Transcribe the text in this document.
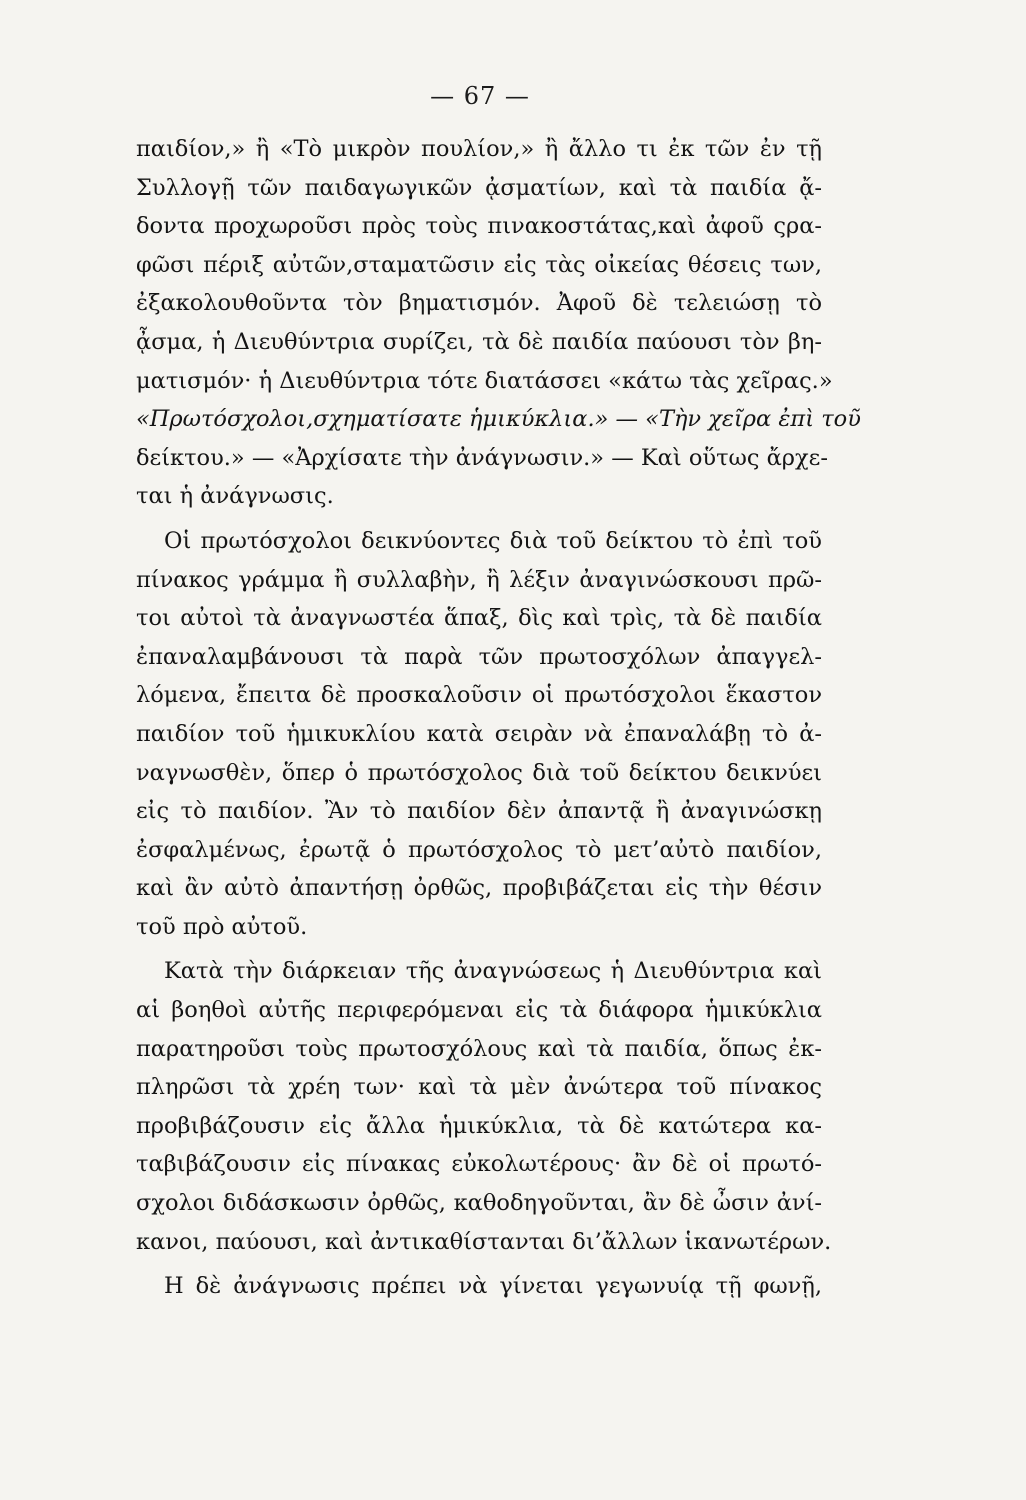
— 67 —
παιδίον,» ἢ «Τὸ μικρὸν πουλίον,» ἢ ἄλλο τι ἐκ τῶν ἐν τῇ
Συλλογῇ τῶν παιδαγωγικῶν ᾀσματίων, καὶ τὰ παιδία ᾄ-
δοντα προχωροῦσι πρὸς τοὺς πινακοστάτας,καὶ ἀφοῦ ςρα-
φῶσι πέριξ αὐτῶν,σταματῶσιν εἰς τὰς οἰκείας θέσεις των,
ἐξακολουθοῦντα τὸν βηματισμόν. Ἀφοῦ δὲ τελειώσῃ τὸ
ᾆσμα, ἡ Διευθύντρια συρίζει, τὰ δὲ παιδία παύουσι τὸν βη-
ματισμόν· ἡ Διευθύντρια τότε διατάσσει «κάτω τὰς χεῖρας.»
«Πρωτόσχολοι,σχηματίσατε ἡμικύκλια.» — «Τὴν χεῖρα ἐπὶ τοῦ
δείκτου.» — «Ἀρχίσατε τὴν ἀνάγνωσιν.» — Καὶ οὕτως ἄρχε-
ται ἡ ἀνάγνωσις.
Οἱ πρωτόσχολοι δεικνύοντες διὰ τοῦ δείκτου τὸ ἐπὶ τοῦ
πίνακος γράμμα ἢ συλλαβὴν, ἢ λέξιν ἀναγινώσκουσι πρῶ-
τοι αὐτοὶ τὰ ἀναγνωστέα ἅπαξ, δὶς καὶ τρὶς, τὰ δὲ παιδία
ἐπαναλαμβάνουσι τὰ παρὰ τῶν πρωτοσχόλων ἀπαγγελ-
λόμενα, ἔπειτα δὲ προσκαλοῦσιν οἱ πρωτόσχολοι ἕκαστον
παιδίον τοῦ ἡμικυκλίου κατὰ σειρὰν νὰ ἐπαναλάβῃ τὸ ἀ-
ναγνωσθὲν, ὅπερ ὁ πρωτόσχολος διὰ τοῦ δείκτου δεικνύει
εἰς τὸ παιδίον. Ἂν τὸ παιδίον δὲν ἀπαντᾷ ἢ ἀναγινώσκῃ
ἐσφαλμένως, ἐρωτᾷ ὁ πρωτόσχολος τὸ μετ’αὐτὸ παιδίον,
καὶ ἂν αὐτὸ ἀπαντήσῃ ὀρθῶς, προβιβάζεται εἰς τὴν θέσιν
τοῦ πρὸ αὐτοῦ.
Κατὰ τὴν διάρκειαν τῆς ἀναγνώσεως ἡ Διευθύντρια καὶ
αἱ βοηθοὶ αὐτῆς περιφερόμεναι εἰς τὰ διάφορα ἡμικύκλια
παρατηροῦσι τοὺς πρωτοσχόλους καὶ τὰ παιδία, ὅπως ἐκ-
πληρῶσι τὰ χρέη των· καὶ τὰ μὲν ἀνώτερα τοῦ πίνακος
προβιβάζουσιν εἰς ἄλλα ἡμικύκλια, τὰ δὲ κατώτερα κα-
ταβιβάζουσιν εἰς πίνακας εὐκολωτέρους· ἂν δὲ οἱ πρωτό-
σχολοι διδάσκωσιν ὀρθῶς, καθοδηγοῦνται, ἂν δὲ ὦσιν ἀνί-
κανοι, παύουσι, καὶ ἀντικαθίστανται δι’ἄλλων ἱκανωτέρων.
Η δὲ ἀνάγνωσις πρέπει νὰ γίνεται γεγωνυίᾳ τῇ φωνῇ,
